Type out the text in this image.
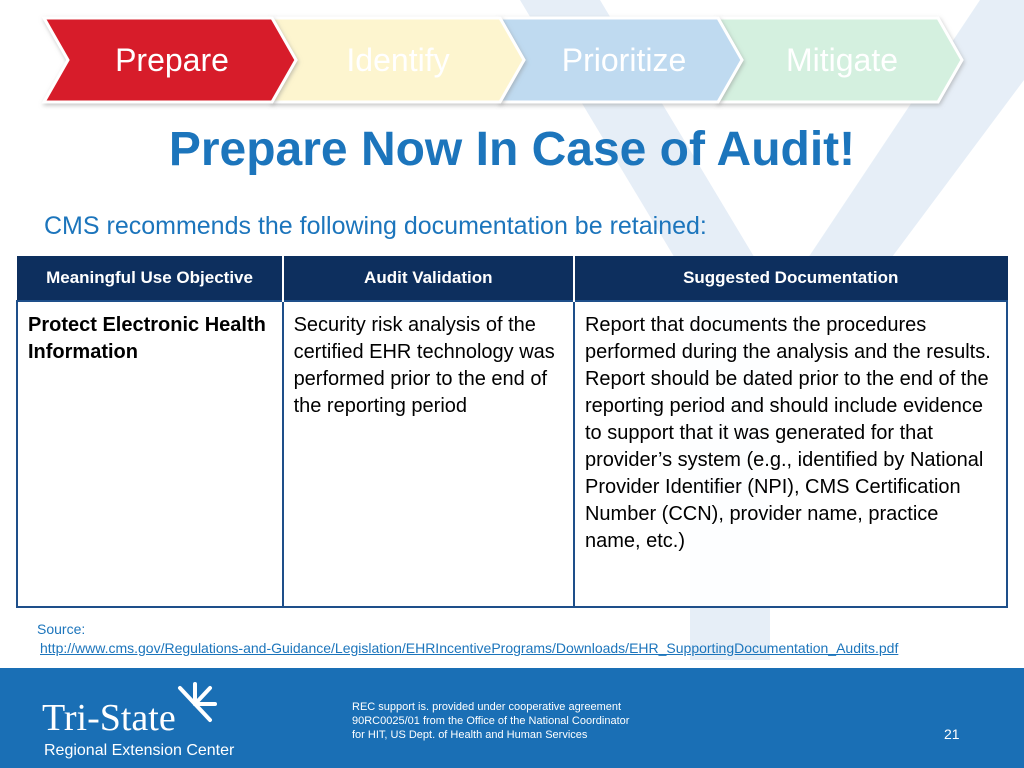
Prepare	Identify	Prioritize	Mitigate
Prepare Now In Case of Audit!
CMS recommends the following documentation be retained:
Meaningful Use Objective	Audit Validation	Suggested Documentation
Protect Electronic Health Information	Security risk analysis of the certified EHR technology was performed prior to the end of the reporting period	Report that documents the procedures performed during the analysis and the results. Report should be dated prior to the end of the reporting period and should include evidence to support that it was generated for that provider’s system (e.g., identified by National Provider Identifier (NPI), CMS Certification Number (CCN), provider name, practice name, etc.)
Source:
http://www.cms.gov/Regulations-and-Guidance/Legislation/EHRIncentivePrograms/Downloads/EHR_SupportingDocumentation_Audits.pdf
Tri-State
Regional Extension Center
REC support is. provided under cooperative agreement 90RC0025/01 from the Office of the National Coordinator for HIT, US Dept. of Health and Human Services	21
